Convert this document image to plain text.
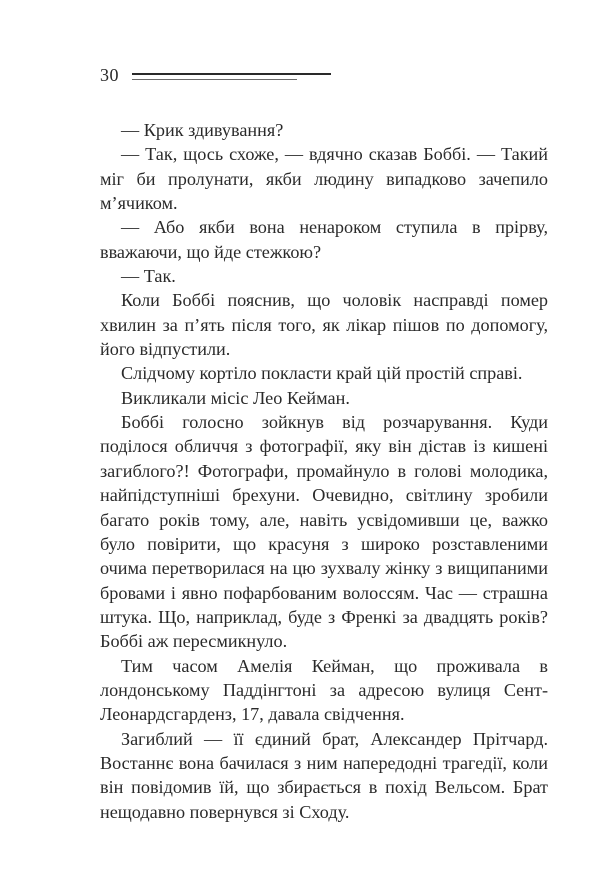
30

— Крик здивування?

— Так, щось схоже, — вдячно сказав Боббі. — Такий міг би пролунати, якби людину випадково зачепило м’ячиком.

— Або якби вона ненароком ступила в прірву, вважаючи, що йде стежкою?

— Так.

Коли Боббі пояснив, що чоловік насправді помер хвилин за п’ять після того, як лікар пішов по допомогу, його відпустили.

Слідчому кортіло покласти край цій простій справі.

Викликали місіс Лео Кейман.

Боббі голосно зойкнув від розчарування. Куди поділося обличчя з фотографії, яку він дістав із кишені загиблого?! Фотографи, промайнуло в голові молодика, найпідступніші брехуни. Очевидно, світлину зробили багато років тому, але, навіть усвідомивши це, важко було повірити, що красуня з широко розставленими очима перетворилася на цю зухвалу жінку з вищипаними бровами і явно пофарбованим волоссям. Час — страшна штука. Що, наприклад, буде з Френкі за двадцять років? Боббі аж пересмикнуло.

Тим часом Амелія Кейман, що проживала в лондонському Паддінгтоні за адресою вулиця Сент-Леонардсгарденз, 17, давала свідчення.

Загиблий — її єдиний брат, Александер Прітчард. Востаннє вона бачилася з ним напередодні трагедії, коли він повідомив їй, що збирається в похід Вельсом. Брат нещодавно повернувся зі Сходу.
